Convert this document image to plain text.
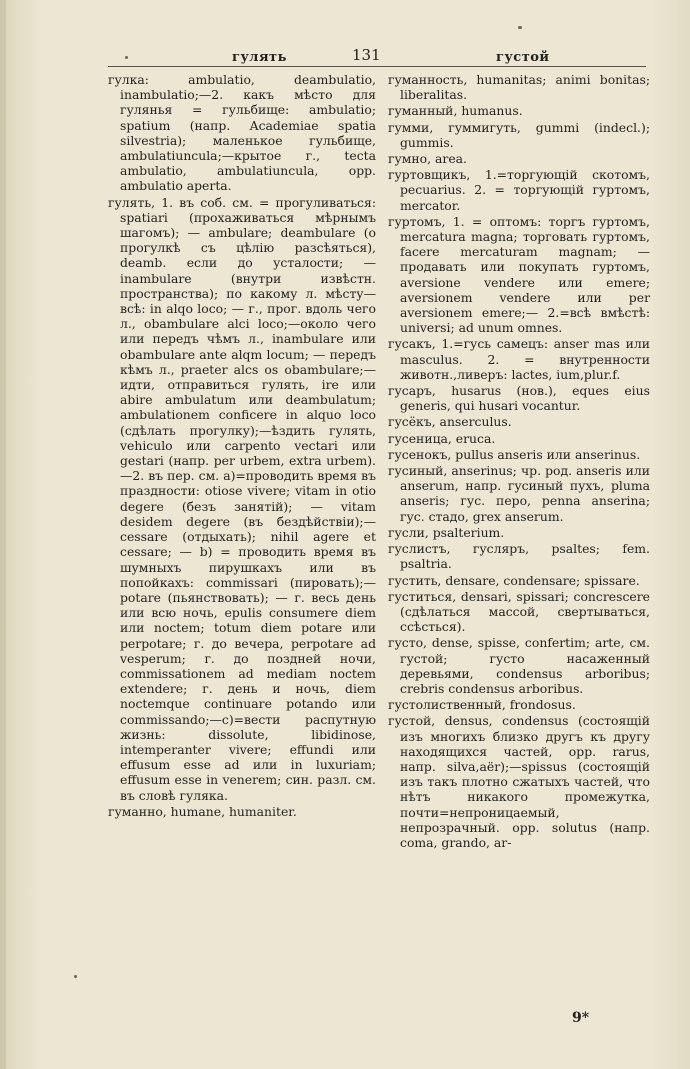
гулять	131	густой

гулка: ambulatio, deambulatio, inambulatio;—2. какъ мѣсто для гулянья = гульбище: ambulatio; spatium (напр. Academiae spatia silvestria); маленькое гульбище, ambulatiuncula;—крытое г., tecta ambulatio, ambulatiuncula, opp. ambulatio aperta.

гулять, 1. въ соб. см. = прогуливаться: spatiari (прохаживаться мѣрнымъ шагомъ); — ambulare; deambulare (о прогулкѣ съ цѣлію разсѣяться), deamb. если до усталости; — inambulare (внутри извѣстн. пространства); по какому л. мѣсту—всѣ: in alqo loco; — г., прог. вдоль чего л., obambulare alci loco;—около чего или передъ чѣмъ л., inambulare или obambulare ante alqm locum; — передъ кѣмъ л., praeter alcs os obambulare;—идти, отправиться гулять, ire или abire ambulatum или deambulatum; ambulationem conficere in alquo loco (сдѣлать прогулку);—ѣздить гулять, vehiculo или carpento vectari или gestari (напр. per urbem, extra urbem).—2. въ пер. см. a)=проводить время въ праздности: otiose vivere; vitam in otio degere (безъ занятій); — vitam desidem degere (въ бездѣйствіи);— cessare (отдыхать); nihil agere et cessare; — b) = проводить время въ шумныхъ пирушкахъ или въ попойкахъ: commissari (пировать);—potare (пьянствовать); — г. весь день или всю ночь, epulis consumere diem или noctem; totum diem potare или perpotare; г. до вечера, perpotare ad vesperum; г. до поздней ночи, commissationem ad mediam noctem extendere; г. день и ночь, diem noctemque continuare potando или commissando;—c)=вести распутную жизнь: dissolute, libidinose, intemperanter vivere; effundi или effusum esse ad или in luxuriam; effusum esse in venerem; син. разл. см. въ словѣ гуляка.

гуманно, humane, humaniter.

гуманность, humanitas; animi bonitas; liberalitas.

гуманный, humanus.

гумми, гуммигуть, gummi (indecl.); gummis.

гумно, area.

гуртовщикъ, 1.=торгующій скотомъ, pecuarius. 2. = торгующій гуртомъ, mercator.

гуртомъ, 1. = оптомъ: торгъ гуртомъ, mercatura magna; торговать гуртомъ, facere mercaturam magnam; — продавать или покупать гуртомъ, aversione vendere или emere; aversionem vendere или per aversionem emere;— 2.=всѣ вмѣстѣ: universi; ad unum omnes.

гусакъ, 1.=гусь самецъ: anser mas или masculus. 2. = внутренности животн.,ливеръ: lactes, ium,plur.f.

гусаръ, husarus (нов.), eques eius generis, qui husari vocantur.

гусёкъ, anserculus.

гусеница, eruca.

гусенокъ, pullus anseris или anserinus.

гусиный, anserinus; чр. род. anseris или anserum, напр. гусиный пухъ, pluma anseris; гус. перо, penna anserina; гус. стадо, grex anserum.

гусли, psalterium.

гуслистъ, гусляръ, psaltes; fem. psaltria.

густить, densare, condensare; spissare.

густиться, densari, spissari; concrescere (сдѣлаться массой, свертываться, ссѣсться).

густо, dense, spisse, confertim; arte, см. густой; густо насаженный деревьями, condensus arboribus; crebris condensus arboribus.

густолиственный, frondosus.

густой, densus, condensus (состоящій изъ многихъ близко другъ къ другу находящихся частей, opp. rarus, напр. silva,aër);—spissus (состоящій изъ такъ плотно сжатыхъ частей, что нѣтъ никакого промежутка, почти=непроницаемый, непрозрачный. opp. solutus (напр. coma, grando, ar-

9*
